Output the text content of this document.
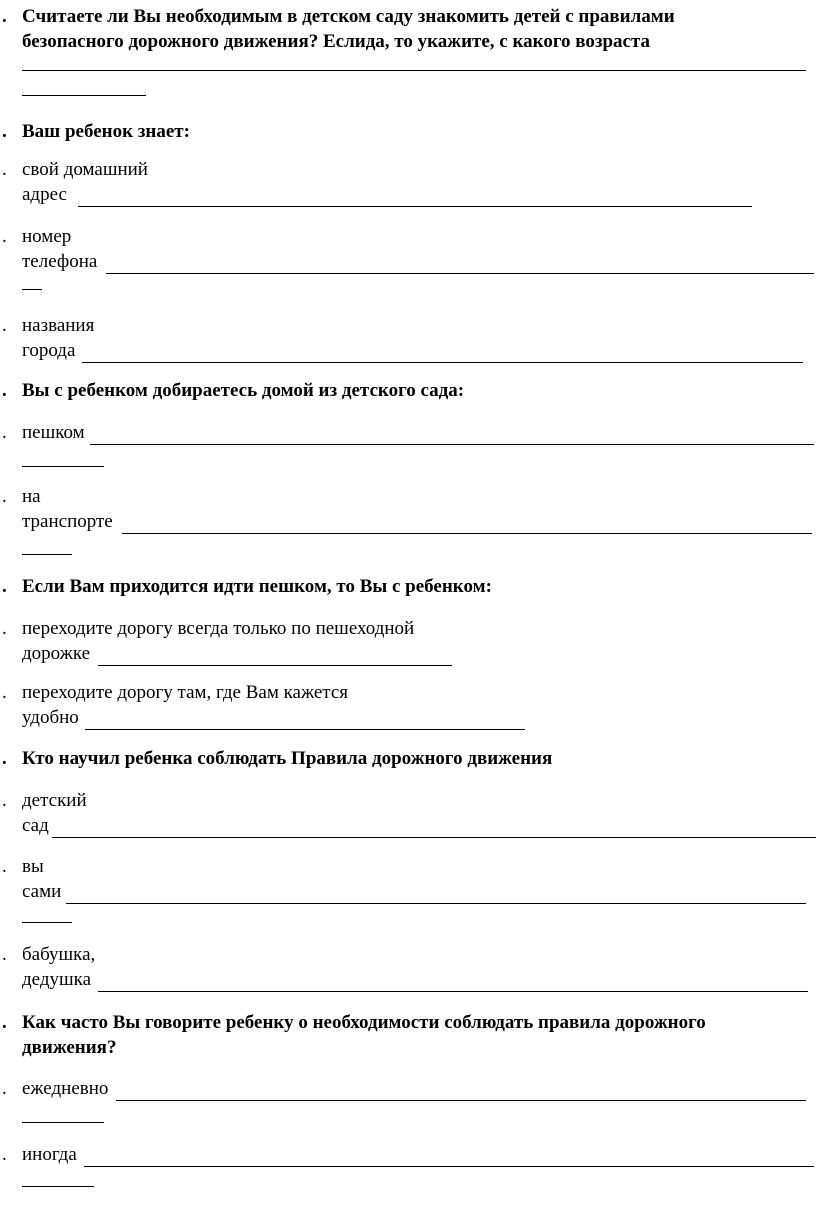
. Считаете ли Вы необходимым в детском саду знакомить детей с правилами
безопасного дорожного движения? Еслида, то укажите, с какого возраста
. Ваш ребенок знает:
. свой домашний
адрес
. номер
телефона
. названия
города
. Вы с ребенком добираетесь домой из детского сада:
. пешком
. на
транспорте
. Если Вам приходится идти пешком, то Вы с ребенком:
. переходите дорогу всегда только по пешеходной
дорожке
. переходите дорогу там, где Вам кажется
удобно
. Кто научил ребенка соблюдать Правила дорожного движения
. детский
сад
. вы
сами
. бабушка,
дедушка
. Как часто Вы говорите ребенку о необходимости соблюдать правила дорожного
движения?
. ежедневно
. иногда
